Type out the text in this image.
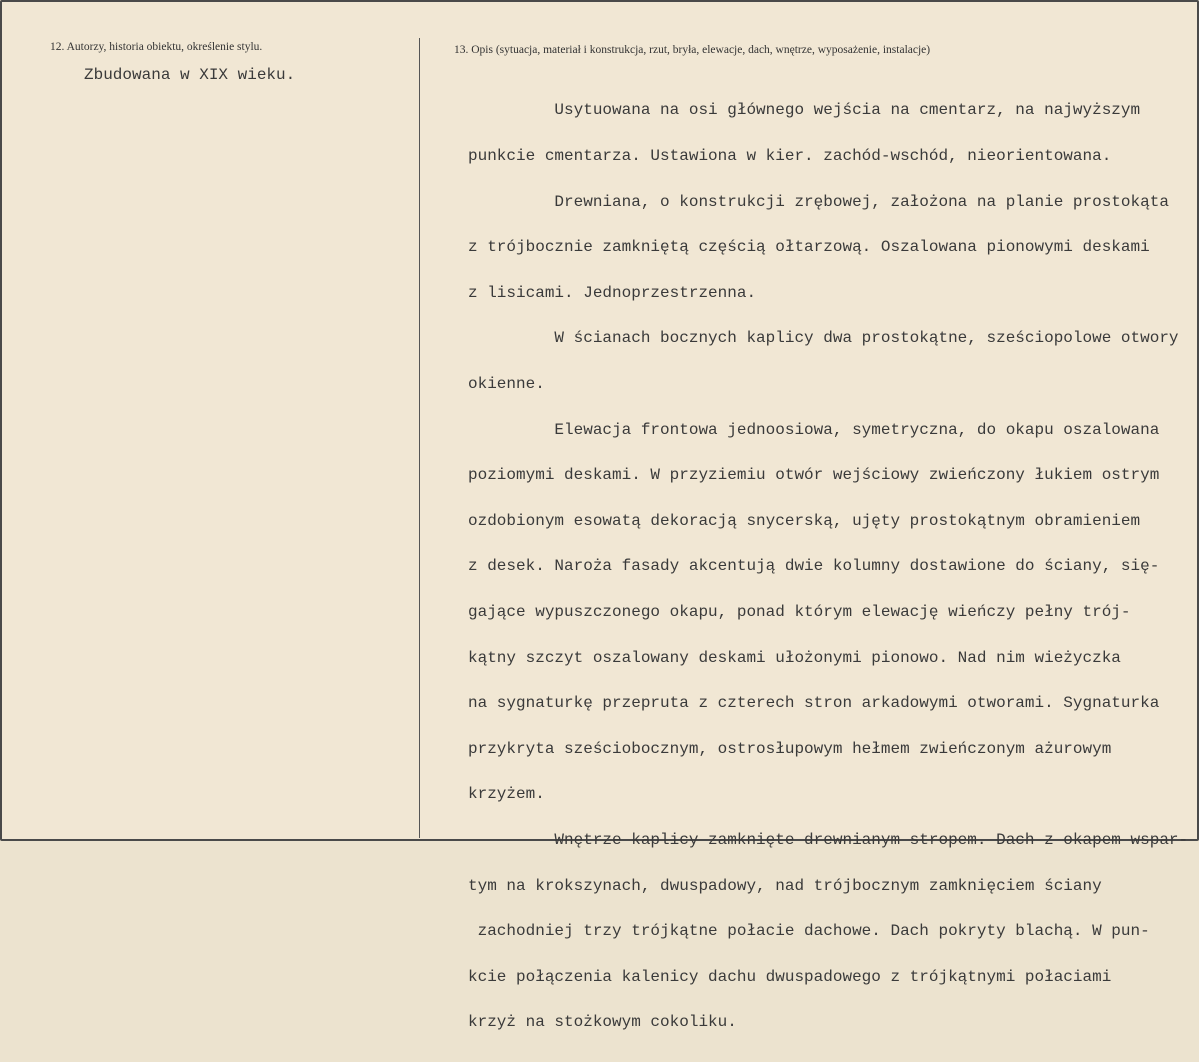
12. Autorzy, historia obiektu, określenie stylu.
Zbudowana w XIX wieku.
13. Opis (sytuacja, materiał i konstrukcja, rzut, bryła, elewacje, dach, wnętrze, wyposażenie, instalacje)

Usytuowana na osi głównego wejścia na cmentarz, na najwyższym

punkcie cmentarza. Ustawiona w kier. zachód-wschód, nieorientowana.

Drewniana, o konstrukcji zrębowej, założona na planie prostokąta

z trójbocznie zamkniętą częścią ołtarzową. Oszalowana pionowymi deskami

z lisicami. Jednoprzestrzenna.

W ścianach bocznych kaplicy dwa prostokątne, sześciopolowe otwory

okienne.

Elewacja frontowa jednoosiowa, symetryczna, do okapu oszalowana

poziomymi deskami. W przyziemiu otwór wejściowy zwieńczony łukiem ostrym

ozdobionym esowatą dekoracją snycerską, ujęty prostokątnym obramieniem

z desek. Naroża fasady akcentują dwie kolumny dostawione do ściany, się-

gające wypuszczonego okapu, ponad którym elewację wieńczy pełny trój-

kątny szczyt oszalowany deskami ułożonymi pionowo. Nad nim wieżyczka

na sygnaturkę przepruta z czterech stron arkadowymi otworami. Sygnaturka

przykryta sześciobocznym, ostrosłupowym hełmem zwieńczonym ażurowym

krzyżem.

Wnętrze kaplicy zamknięte drewnianym stropem. Dach z okapem wspar-

tym na krokszynach, dwuspadowy, nad trójbocznym zamknięciem ściany

zachodniej trzy trójkątne połacie dachowe. Dach pokryty blachą. W pun-

kcie połączenia kalenicy dachu dwuspadowego z trójkątnymi połaciami

krzyż na stożkowym cokoliku.
